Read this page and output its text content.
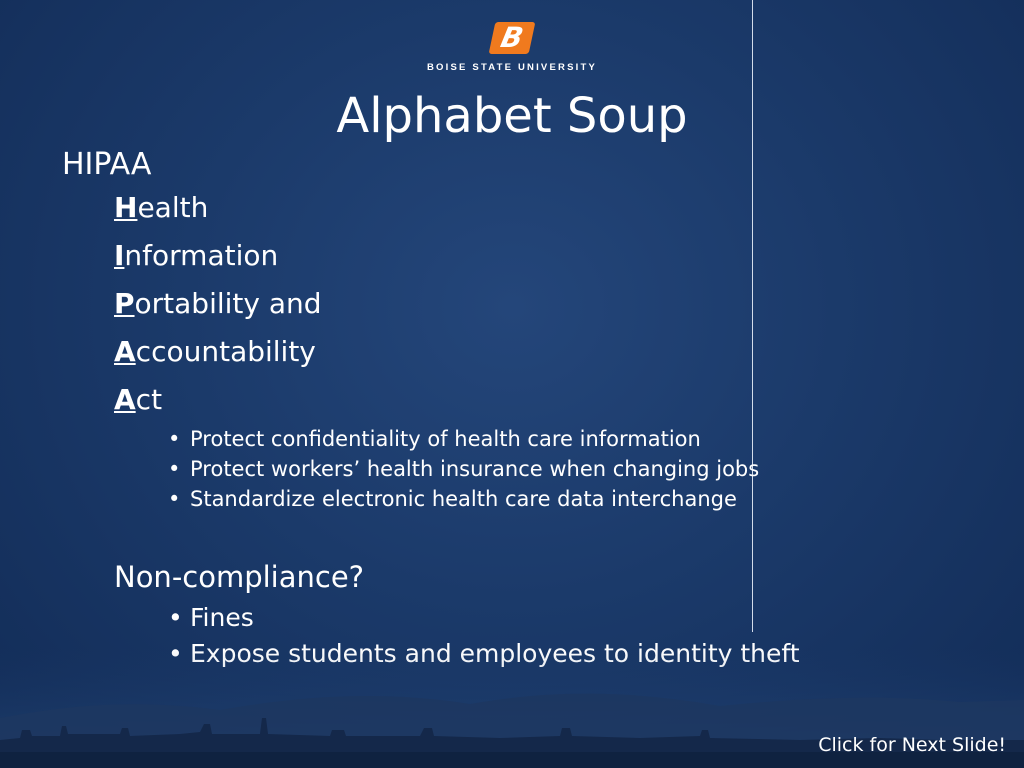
B
BOISE STATE UNIVERSITY
Alphabet Soup
HIPAA
Health
Information
Portability and
Accountability
Act
• Protect confidentiality of health care information
• Protect workers’ health insurance when changing jobs
• Standardize electronic health care data interchange
Non-compliance?
• Fines
•
Click for Next Slide!
